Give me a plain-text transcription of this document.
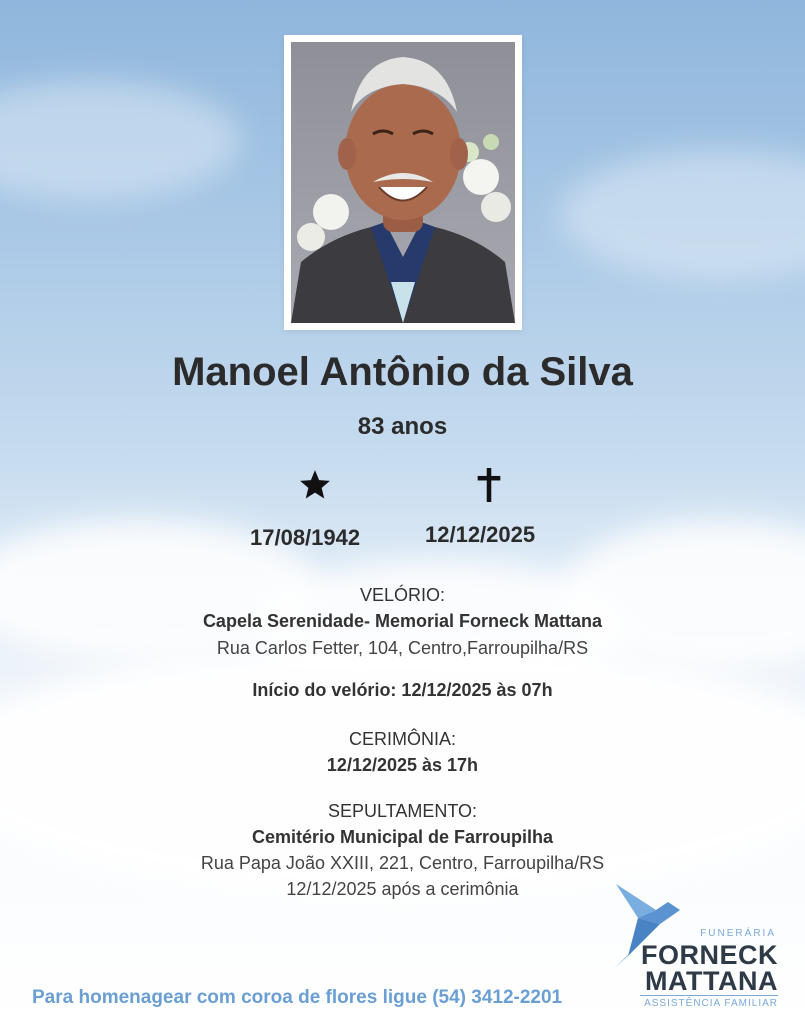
Manoel Antônio da Silva
83 anos
17/08/1942	12/12/2025
VELÓRIO:
Capela Serenidade- Memorial Forneck Mattana
Rua Carlos Fetter, 104, Centro,Farroupilha/RS
Início do velório: 12/12/2025 às 07h
CERIMÔNIA:
12/12/2025 às 17h
SEPULTAMENTO:
Cemitério Municipal de Farroupilha
Rua Papa João XXIII, 221, Centro, Farroupilha/RS
12/12/2025 após a cerimônia
Para homenagear com coroa de flores ligue (54) 3412-2201
FUNERÁRIA
FORNECK
MATTANA
ASSISTÊNCIA FAMILIAR
